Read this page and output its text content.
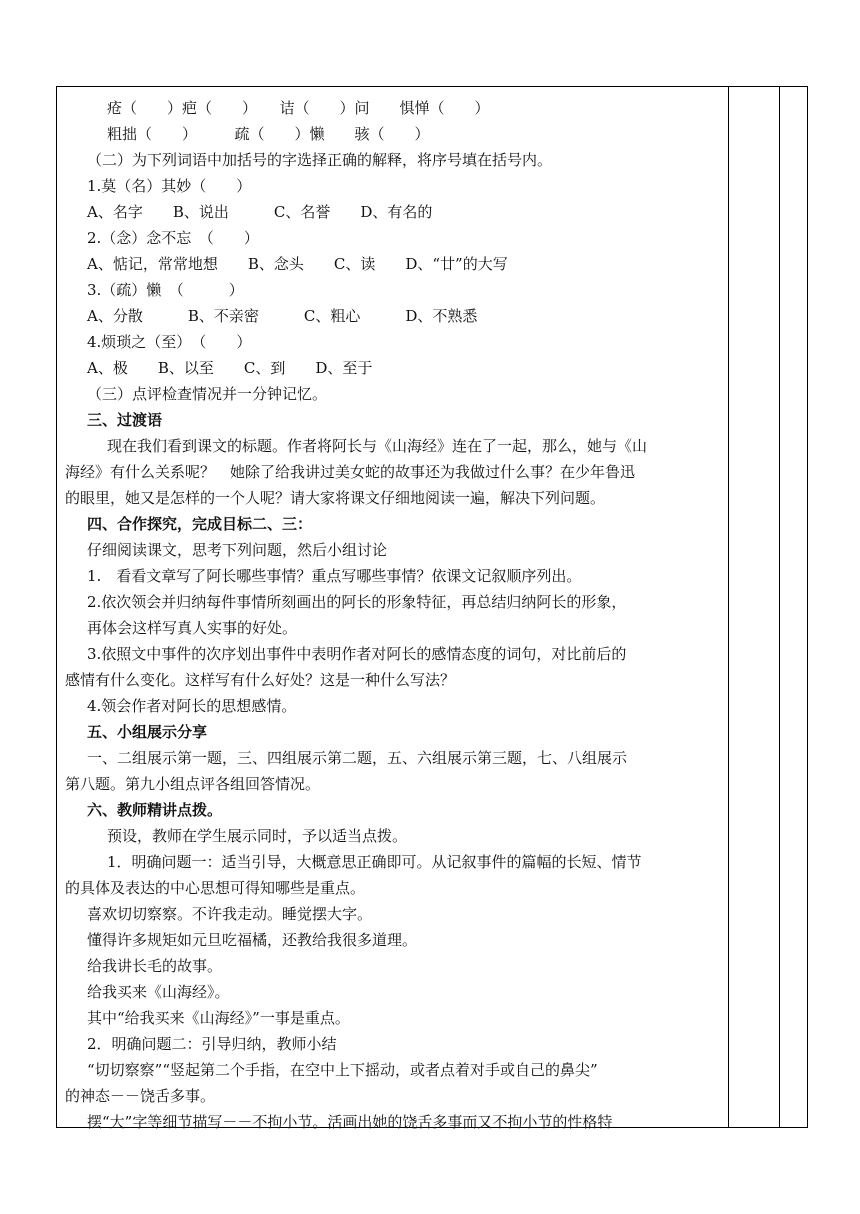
疮（　　）疤（　　）　　诘（　　）问　　惧惮（　　）
粗拙（　　）　　　疏（　　）懒　　骇（　　）
（二）为下列词语中加括号的字选择正确的解释，将序号填在括号内。
1.莫（名）其妙（　　）
A、名字　　B、说出　　　C、名誉　　D、有名的
2.（念）念不忘　（　　）
A、惦记，常常地想　　B、念头　　C、读　　D、“廿”的大写
3.（疏）懒　（　　　）
A、分散　　　B、不亲密　　　C、粗心　　　D、不熟悉
4.烦琐之（至）　（　　）
A、极　　B、以至　　C、到　　D、至于
（三）点评检查情况并一分钟记忆。
三、过渡语
现在我们看到课文的标题。作者将阿长与《山海经》连在了一起，那么，她与《山
海经》有什么关系呢？　她除了给我讲过美女蛇的故事还为我做过什么事？在少年鲁迅
的眼里，她又是怎样的一个人呢？请大家将课文仔细地阅读一遍，解决下列问题。
四、合作探究，完成目标二、三：
仔细阅读课文，思考下列问题，然后小组讨论
1.　看看文章写了阿长哪些事情？重点写哪些事情？依课文记叙顺序列出。
2.依次领会并归纳每件事情所刻画出的阿长的形象特征，再总结归纳阿长的形象，
再体会这样写真人实事的好处。
3.依照文中事件的次序划出事件中表明作者对阿长的感情态度的词句，对比前后的
感情有什么变化。这样写有什么好处？这是一种什么写法？
4.领会作者对阿长的思想感情。
五、小组展示分享
一、二组展示第一题，三、四组展示第二题，五、六组展示第三题，七、八组展示
第八题。第九小组点评各组回答情况。
六、教师精讲点拨。
预设，教师在学生展示同时，予以适当点拨。
1．明确问题一：适当引导，大概意思正确即可。从记叙事件的篇幅的长短、情节
的具体及表达的中心思想可得知哪些是重点。
喜欢切切察察。不许我走动。睡觉摆大字。
懂得许多规矩如元旦吃福橘，还教给我很多道理。
给我讲长毛的故事。
给我买来《山海经》。
其中“给我买来《山海经》”一事是重点。
2．明确问题二：引导归纳，教师小结
“切切察察”“竖起第二个手指，在空中上下摇动，或者点着对手或自己的鼻尖”
的神态－－饶舌多事。
摆“大”字等细节描写－－不拘小节。活画出她的饶舌多事而又不拘小节的性格特
